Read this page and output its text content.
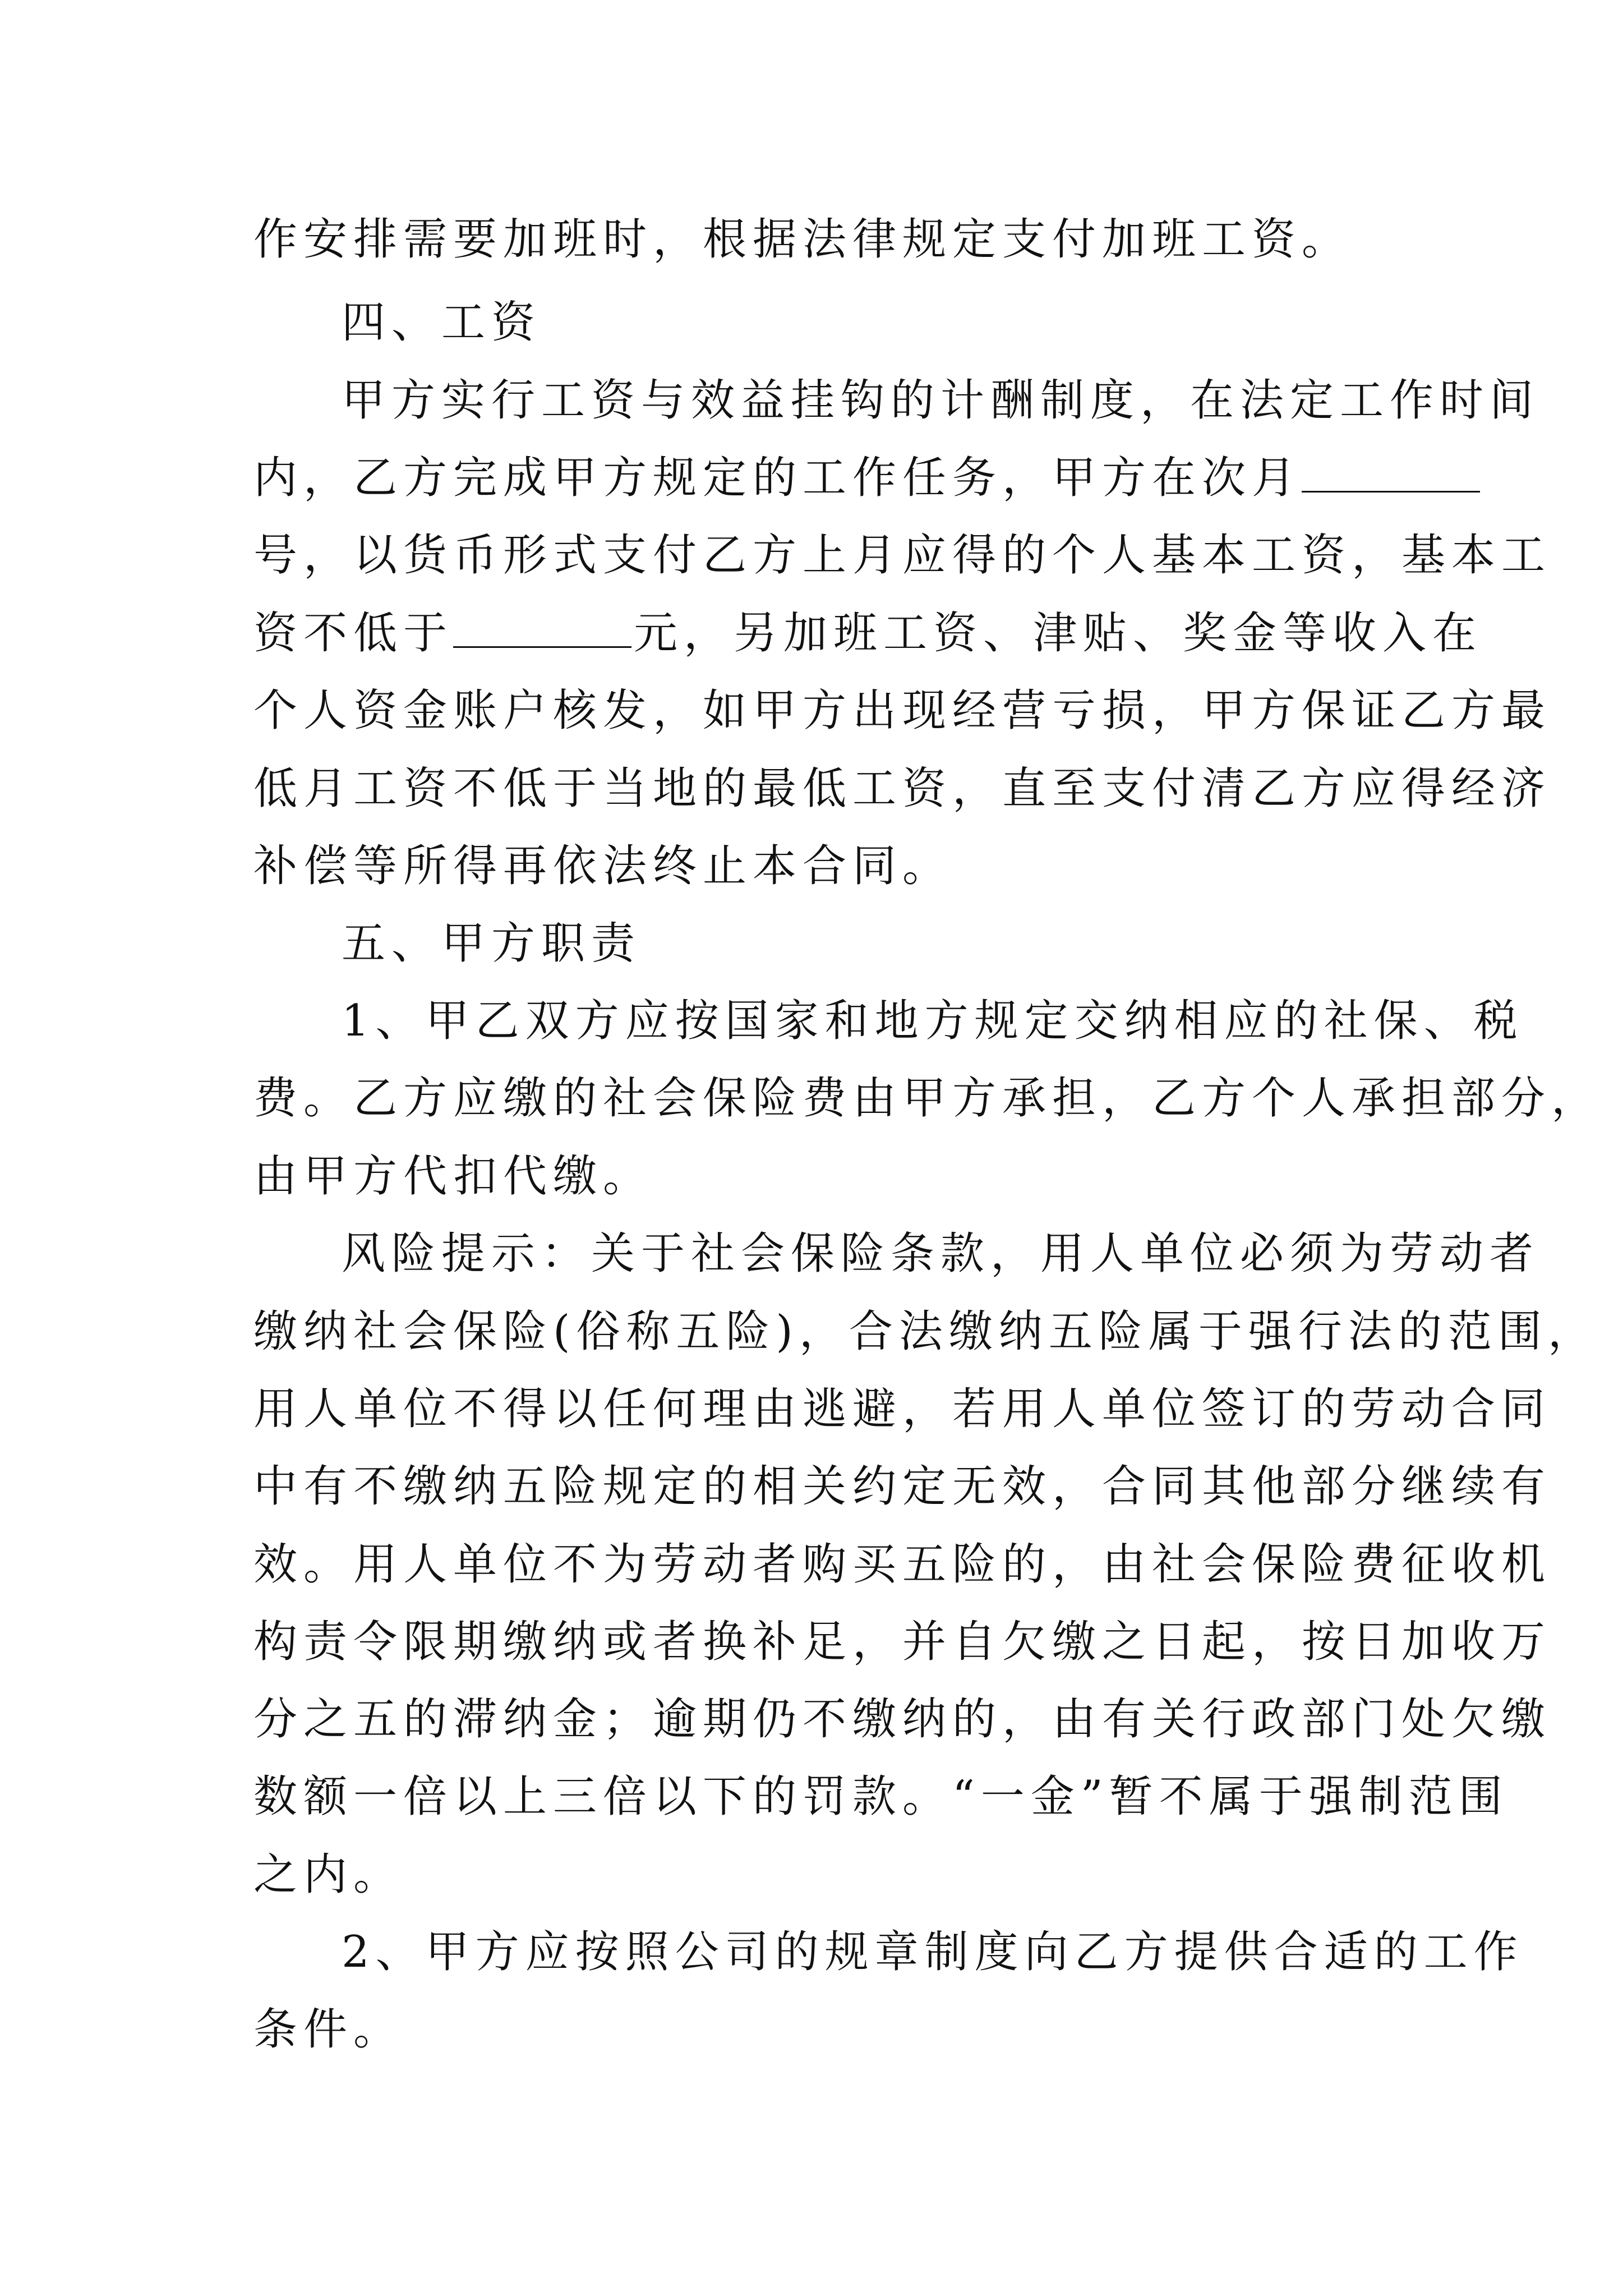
作安排需要加班时，根据法律规定支付加班工资。
四、工资
甲方实行工资与效益挂钩的计酬制度，在法定工作时间
内，乙方完成甲方规定的工作任务，甲方在次月
号，以货币形式支付乙方上月应得的个人基本工资，基本工
资不低于	元，另加班工资、津贴、奖金等收入在
个人资金账户核发，如甲方出现经营亏损，甲方保证乙方最
低月工资不低于当地的最低工资，直至支付清乙方应得经济
补偿等所得再依法终止本合同。
五、甲方职责
1、甲乙双方应按国家和地方规定交纳相应的社保、税
费。乙方应缴的社会保险费由甲方承担，乙方个人承担部分，
由甲方代扣代缴。
风险提示：关于社会保险条款，用人单位必须为劳动者
缴纳社会保险(俗称五险)，合法缴纳五险属于强行法的范围，
用人单位不得以任何理由逃避，若用人单位签订的劳动合同
中有不缴纳五险规定的相关约定无效，合同其他部分继续有
效。用人单位不为劳动者购买五险的，由社会保险费征收机
构责令限期缴纳或者换补足，并自欠缴之日起，按日加收万
分之五的滞纳金；逾期仍不缴纳的，由有关行政部门处欠缴
数额一倍以上三倍以下的罚款。“一金”暂不属于强制范围
之内。
2、甲方应按照公司的规章制度向乙方提供合适的工作
条件。
